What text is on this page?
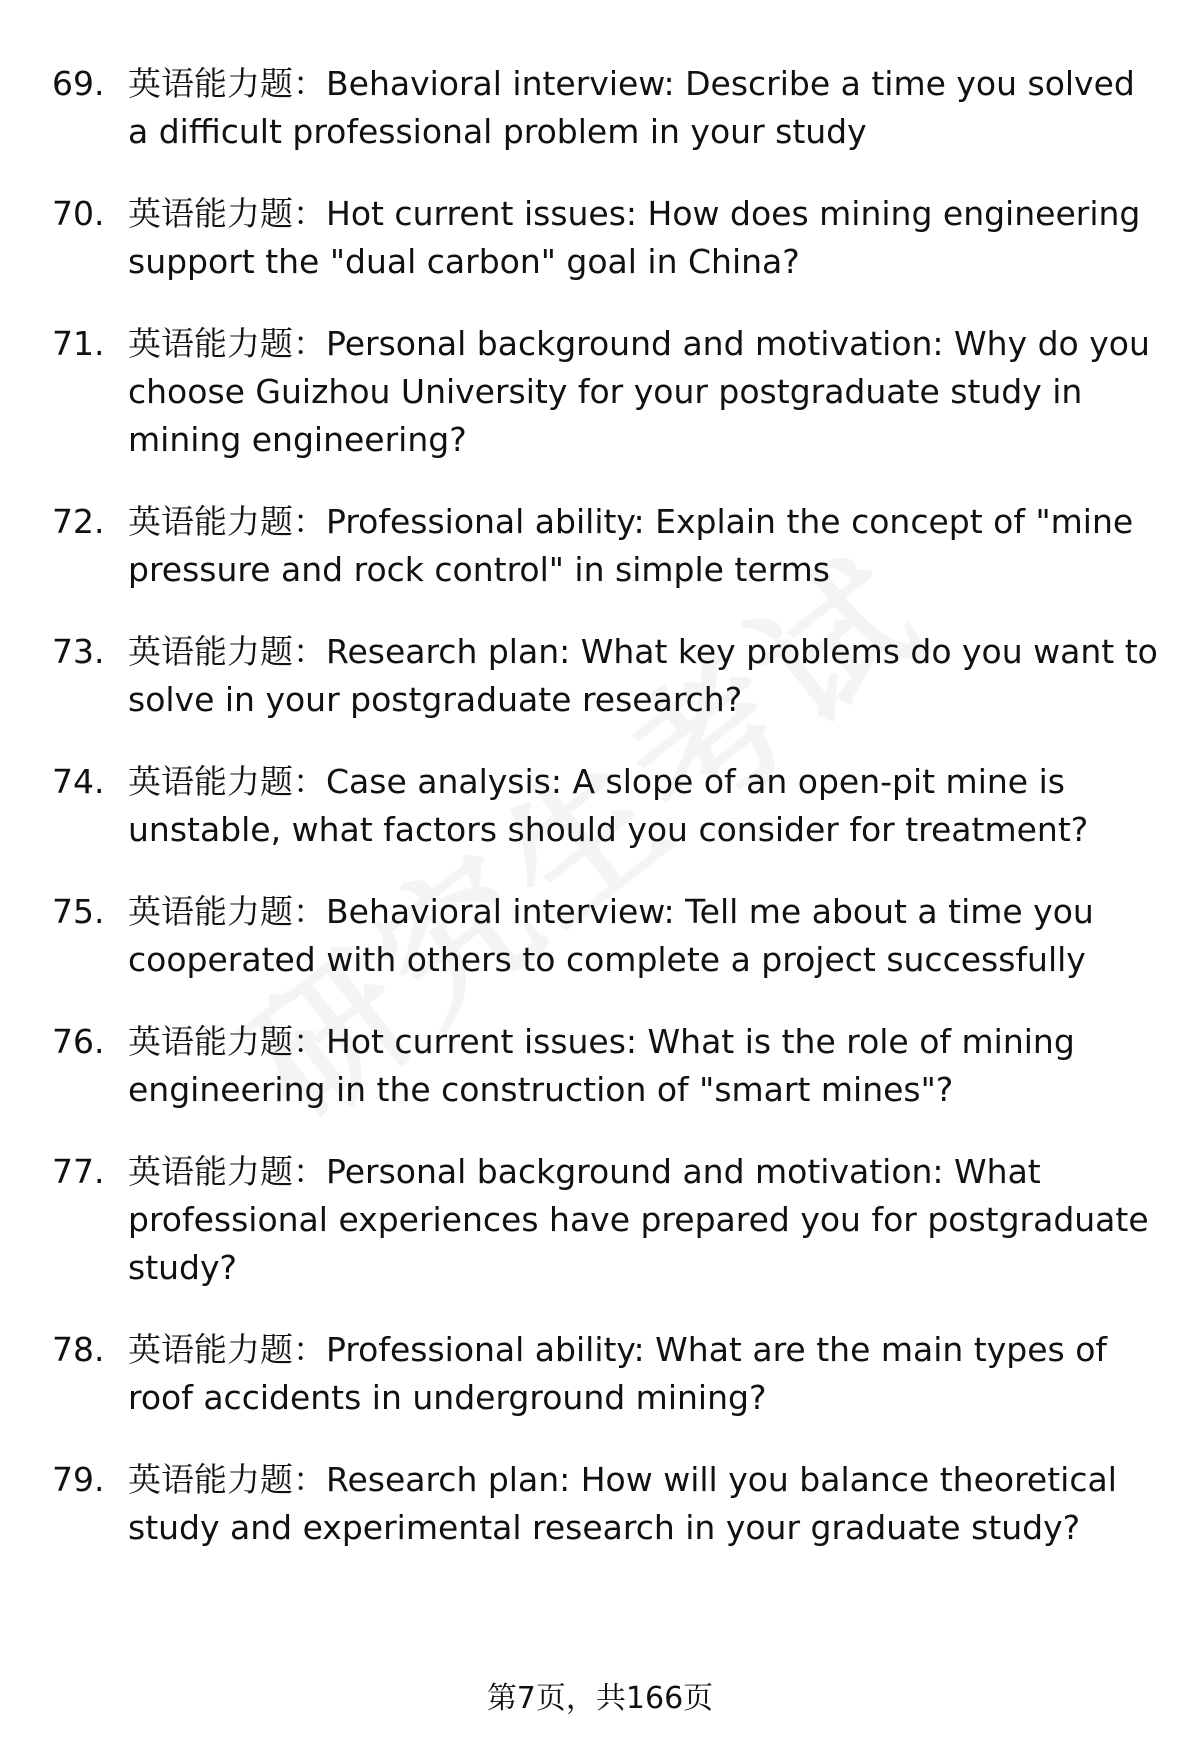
69. 英语能力题：Behavioral interview: Describe a time you solved a difficult professional problem in your study
70. 英语能力题：Hot current issues: How does mining engineering support the "dual carbon" goal in China?
71. 英语能力题：Personal background and motivation: Why do you choose Guizhou University for your postgraduate study in mining engineering?
72. 英语能力题：Professional ability: Explain the concept of "mine pressure and rock control" in simple terms
73. 英语能力题：Research plan: What key problems do you want to solve in your postgraduate research?
74. 英语能力题：Case analysis: A slope of an open-pit mine is unstable, what factors should you consider for treatment?
75. 英语能力题：Behavioral interview: Tell me about a time you cooperated with others to complete a project successfully
76. 英语能力题：Hot current issues: What is the role of mining engineering in the construction of "smart mines"?
77. 英语能力题：Personal background and motivation: What professional experiences have prepared you for postgraduate study?
78. 英语能力题：Professional ability: What are the main types of roof accidents in underground mining?
79. 英语能力题：Research plan: How will you balance theoretical study and experimental research in your graduate study?
第7页，共166页
